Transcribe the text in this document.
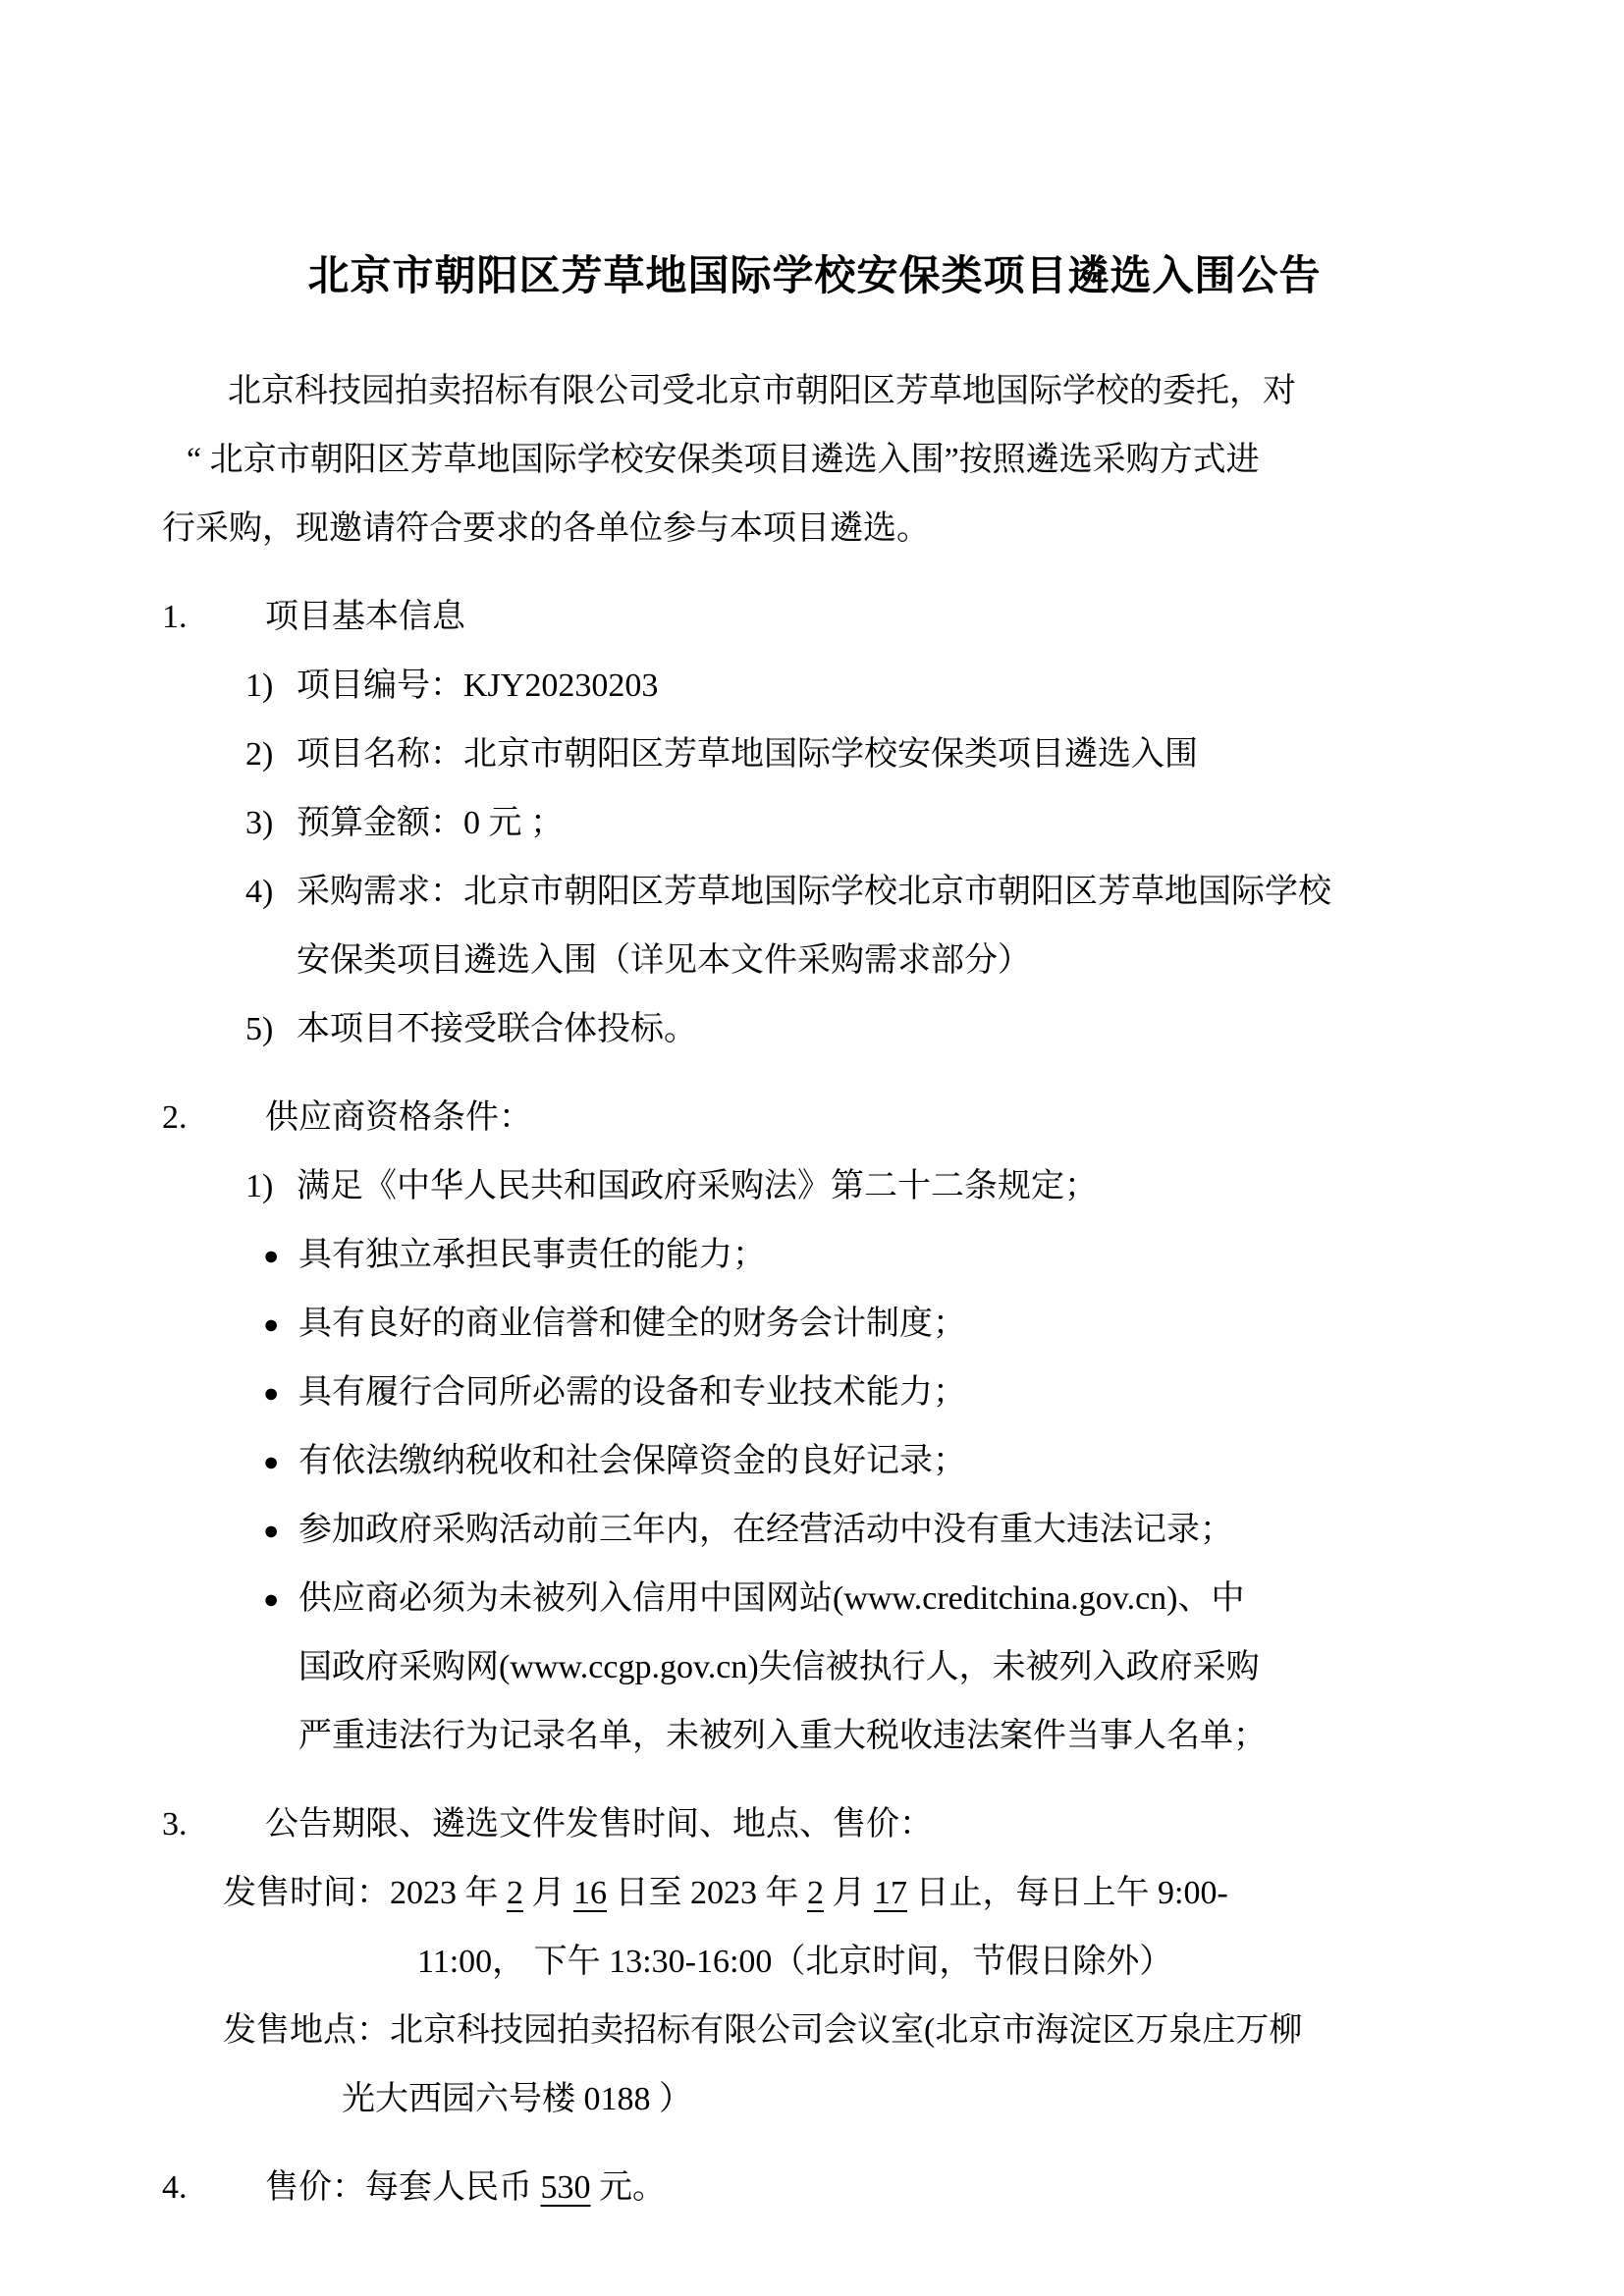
北京市朝阳区芳草地国际学校安保类项目遴选入围公告
北京科技园拍卖招标有限公司受北京市朝阳区芳草地国际学校的委托，对
“ 北京市朝阳区芳草地国际学校安保类项目遴选入围”按照遴选采购方式进
行采购，现邀请符合要求的各单位参与本项目遴选。
1. 项目基本信息
1) 项目编号：KJY20230203
2) 项目名称：北京市朝阳区芳草地国际学校安保类项目遴选入围
3) 预算金额：0 元 ；
4) 采购需求：北京市朝阳区芳草地国际学校北京市朝阳区芳草地国际学校
安保类项目遴选入围（详见本文件采购需求部分）
5) 本项目不接受联合体投标。
2. 供应商资格条件：
1) 满足《中华人民共和国政府采购法》第二十二条规定；
● 具有独立承担民事责任的能力；
● 具有良好的商业信誉和健全的财务会计制度；
● 具有履行合同所必需的设备和专业技术能力；
● 有依法缴纳税收和社会保障资金的良好记录；
● 参加政府采购活动前三年内，在经营活动中没有重大违法记录；
● 供应商必须为未被列入信用中国网站(www.creditchina.gov.cn)、中
国政府采购网(www.ccgp.gov.cn)失信被执行人，未被列入政府采购
严重违法行为记录名单，未被列入重大税收违法案件当事人名单；
3. 公告期限、遴选文件发售时间、地点、售价：
发售时间：2023 年 2 月 16 日至 2023 年 2 月 17 日止，每日上午 9:00-
11:00， 下午 13:30-16:00（北京时间，节假日除外）
发售地点：北京科技园拍卖招标有限公司会议室(北京市海淀区万泉庄万柳
光大西园六号楼 0188 ）
4. 售价：每套人民币 530 元。
